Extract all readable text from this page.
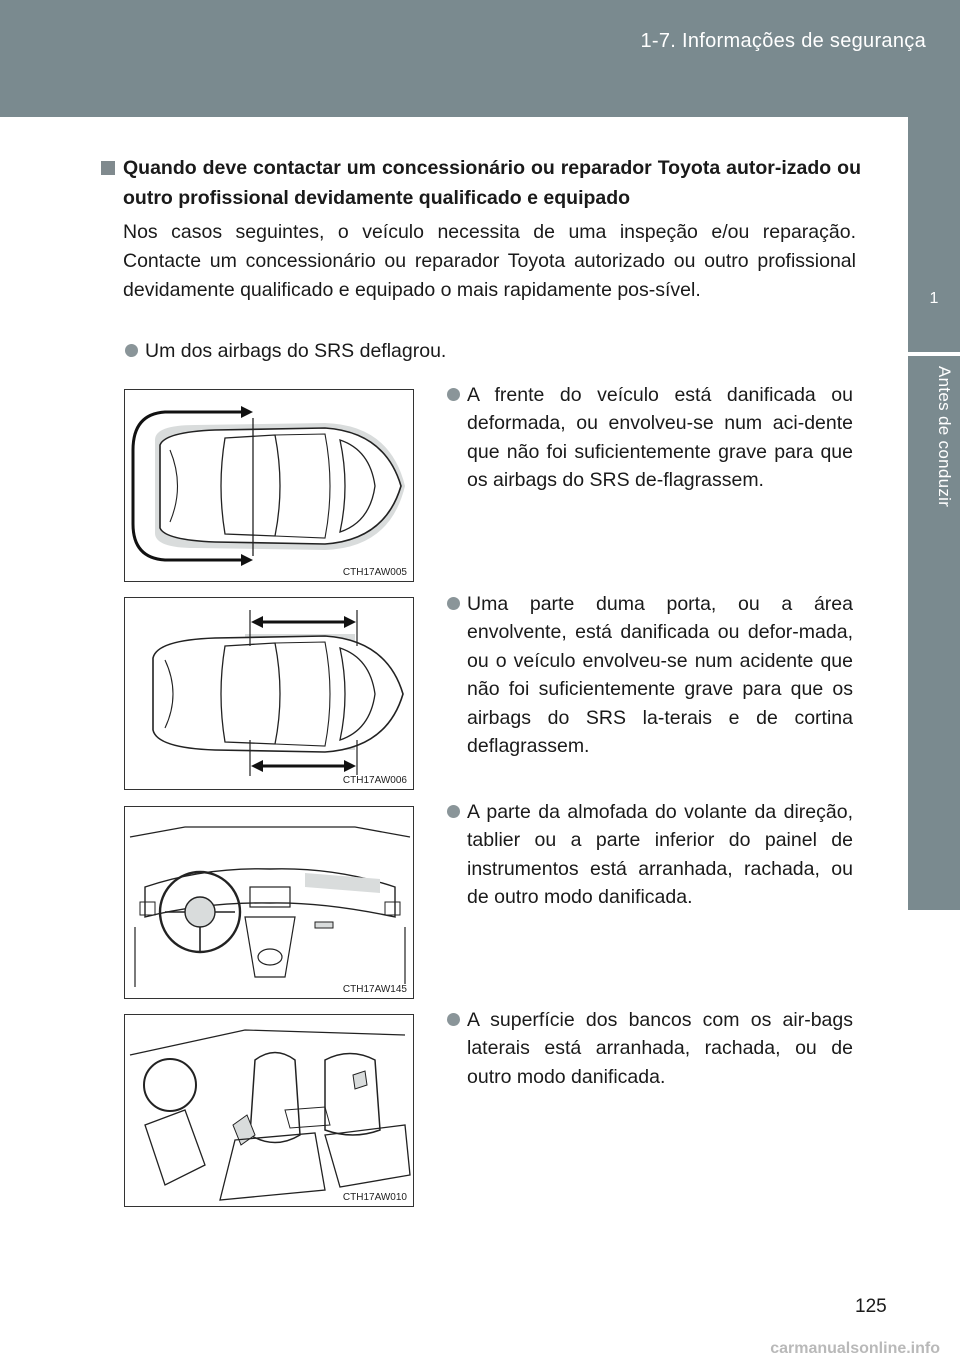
1-7. Informações de segurança
1
Antes de conduzir
Quando deve contactar um concessionário ou reparador Toyota autor-izado ou outro profissional devidamente qualificado e equipado
Nos casos seguintes, o veículo necessita de uma inspeção e/ou reparação. Contacte um concessionário ou reparador Toyota autorizado ou outro profissional devidamente qualificado e equipado o mais rapidamente pos-sível.
Um dos airbags do SRS deflagrou.
A frente do veículo está danificada ou deformada, ou envolveu-se num aci-dente que não foi suficientemente grave para que os airbags do SRS de-flagrassem.
Uma parte duma porta, ou a área envolvente, está danificada ou defor-mada, ou o veículo envolveu-se num acidente que não foi suficientemente grave para que os airbags do SRS la-terais e de cortina deflagrassem.
A parte da almofada do volante da direção, tablier ou a parte inferior do painel de instrumentos está arranhada, rachada, ou de outro modo danificada.
A superfície dos bancos com os air-bags laterais está arranhada, rachada, ou de outro modo danificada.
CTH17AW005
CTH17AW006
CTH17AW145
CTH17AW010
125
carmanualsonline.info
